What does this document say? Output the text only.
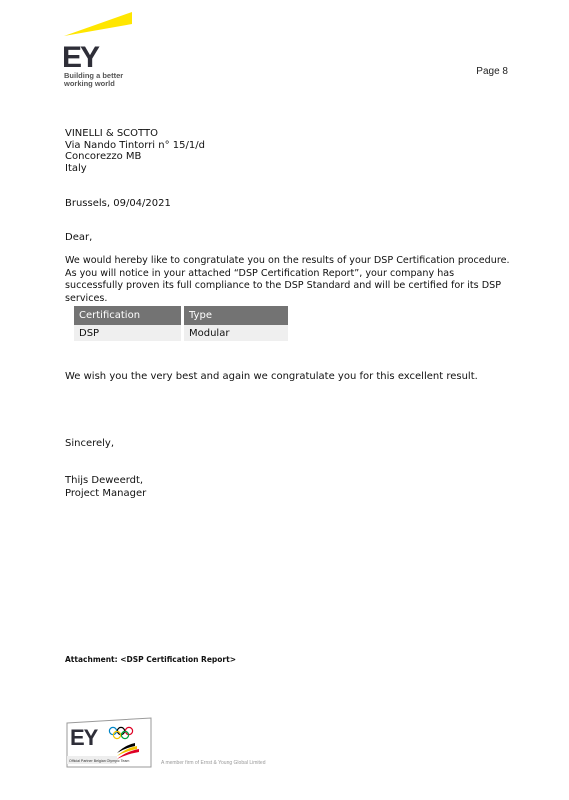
EY
Building a better
working world
Page 8
VINELLI & SCOTTO
Via Nando Tintorri n° 15/1/d
Concorezzo MB
Italy
Brussels, 09/04/2021
Dear,
We would hereby like to congratulate you on the results of your DSP Certification procedure. As you will notice in your attached “DSP Certification Report”, your company has successfully proven its full compliance to the DSP Standard and will be certified for its DSP services.
Certification	Type
DSP	Modular
We wish you the very best and again we congratulate you for this excellent result.
Sincerely,
Thijs Deweerdt,
Project Manager
Attachment: <DSP Certification Report>
EY
Official Partner Belgian Olympic Team	A member firm of Ernst & Young Global Limited
